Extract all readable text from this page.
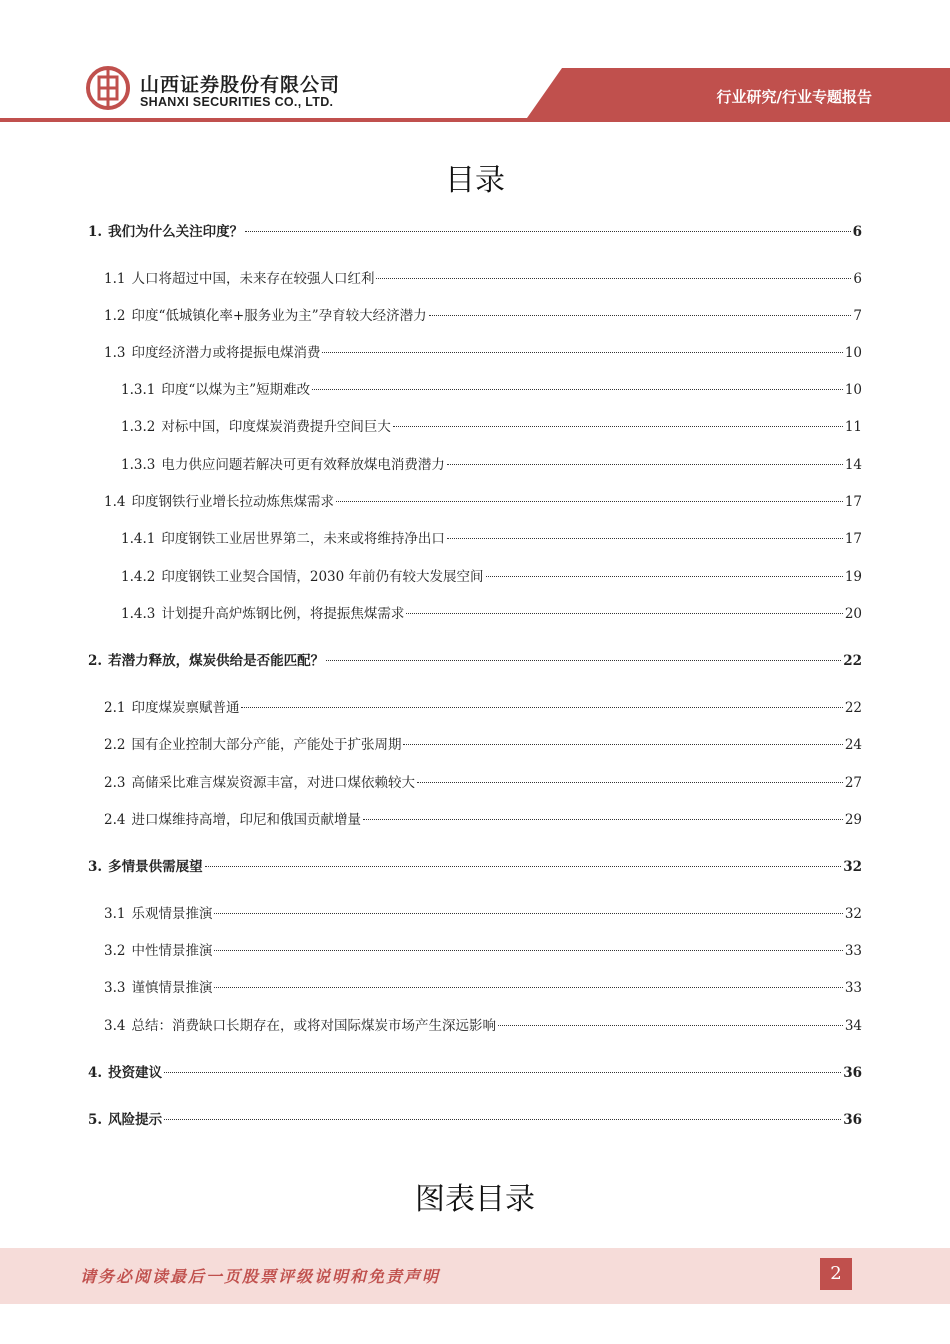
山西证券股份有限公司
SHANXI SECURITIES CO., LTD.	行业研究/行业专题报告
目录
1. 我们为什么关注印度？	6
1.1 人口将超过中国，未来存在较强人口红利	6
1.2 印度“低城镇化率+服务业为主”孕育较大经济潜力	7
1.3 印度经济潜力或将提振电煤消费	10
1.3.1 印度“以煤为主”短期难改	10
1.3.2 对标中国，印度煤炭消费提升空间巨大	11
1.3.3 电力供应问题若解决可更有效释放煤电消费潜力	14
1.4 印度钢铁行业增长拉动炼焦煤需求	17
1.4.1 印度钢铁工业居世界第二，未来或将维持净出口	17
1.4.2 印度钢铁工业契合国情，2030 年前仍有较大发展空间	19
1.4.3 计划提升高炉炼钢比例，将提振焦煤需求	20
2. 若潜力释放，煤炭供给是否能匹配？	22
2.1 印度煤炭禀赋普通	22
2.2 国有企业控制大部分产能，产能处于扩张周期	24
2.3 高储采比难言煤炭资源丰富，对进口煤依赖较大	27
2.4 进口煤维持高增，印尼和俄国贡献增量	29
3. 多情景供需展望	32
3.1 乐观情景推演	32
3.2 中性情景推演	33
3.3 谨慎情景推演	33
3.4 总结：消费缺口长期存在，或将对国际煤炭市场产生深远影响	34
4. 投资建议	36
5. 风险提示	36
图表目录
请务必阅读最后一页股票评级说明和免责声明	2
